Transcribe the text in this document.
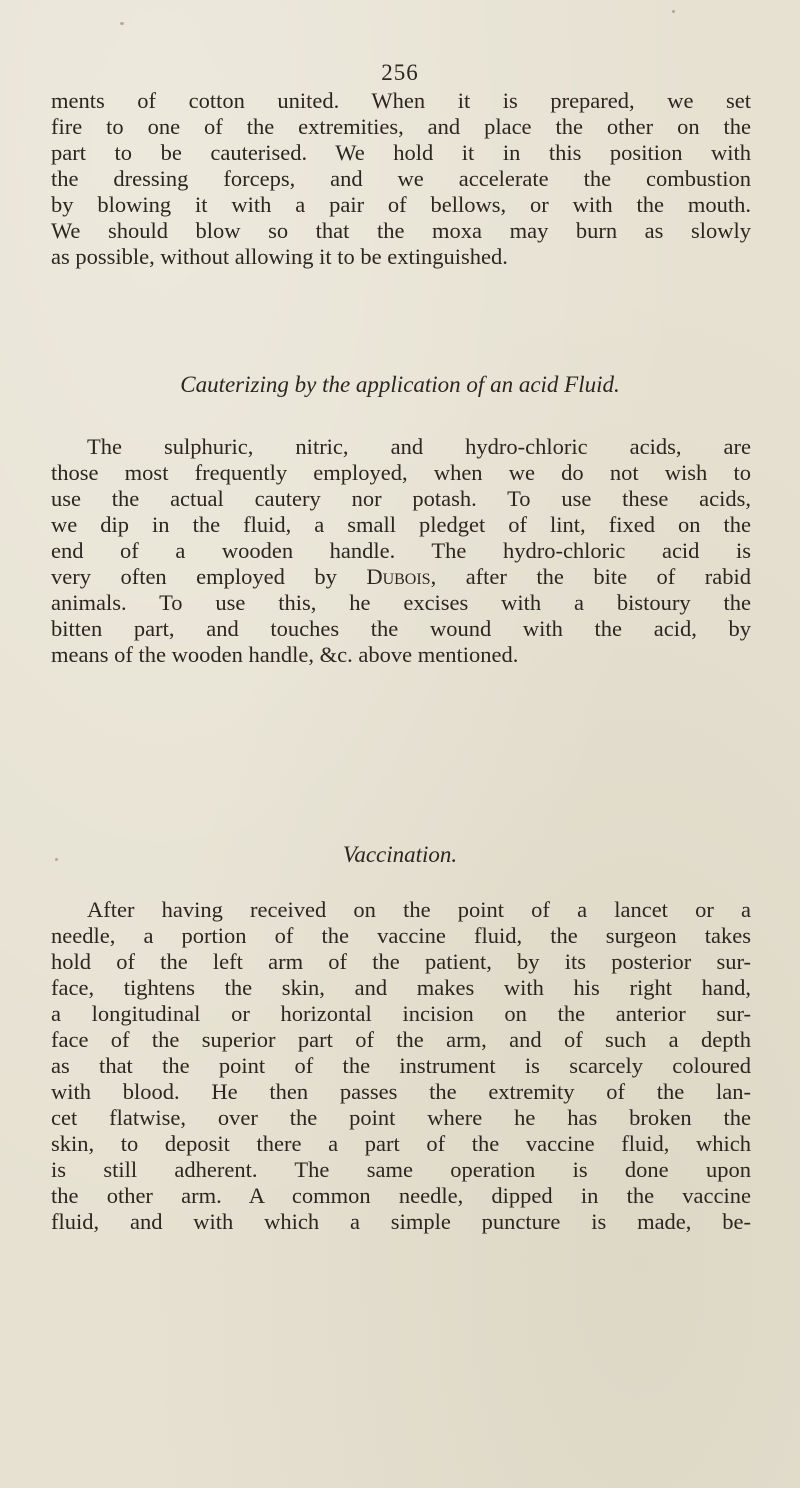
256
ments of cotton united. When it is prepared, we set
fire to one of the extremities, and place the other on the
part to be cauterised. We hold it in this position with
the dressing forceps, and we accelerate the combustion
by blowing it with a pair of bellows, or with the mouth.
We should blow so that the moxa may burn as slowly
as possible, without allowing it to be extinguished.
Cauterizing by the application of an acid Fluid.
The sulphuric, nitric, and hydro-chloric acids, are
those most frequently employed, when we do not wish to
use the actual cautery nor potash. To use these acids,
we dip in the fluid, a small pledget of lint, fixed on the
end of a wooden handle. The hydro-chloric acid is
very often employed by Dubois, after the bite of rabid
animals. To use this, he excises with a bistoury the
bitten part, and touches the wound with the acid, by
means of the wooden handle, &c. above mentioned.
Vaccination.
After having received on the point of a lancet or a
needle, a portion of the vaccine fluid, the surgeon takes
hold of the left arm of the patient, by its posterior sur-
face, tightens the skin, and makes with his right hand,
a longitudinal or horizontal incision on the anterior sur-
face of the superior part of the arm, and of such a depth
as that the point of the instrument is scarcely coloured
with blood. He then passes the extremity of the lan-
cet flatwise, over the point where he has broken the
skin, to deposit there a part of the vaccine fluid, which
is still adherent. The same operation is done upon
the other arm. A common needle, dipped in the vaccine
fluid, and with which a simple puncture is made, be-
